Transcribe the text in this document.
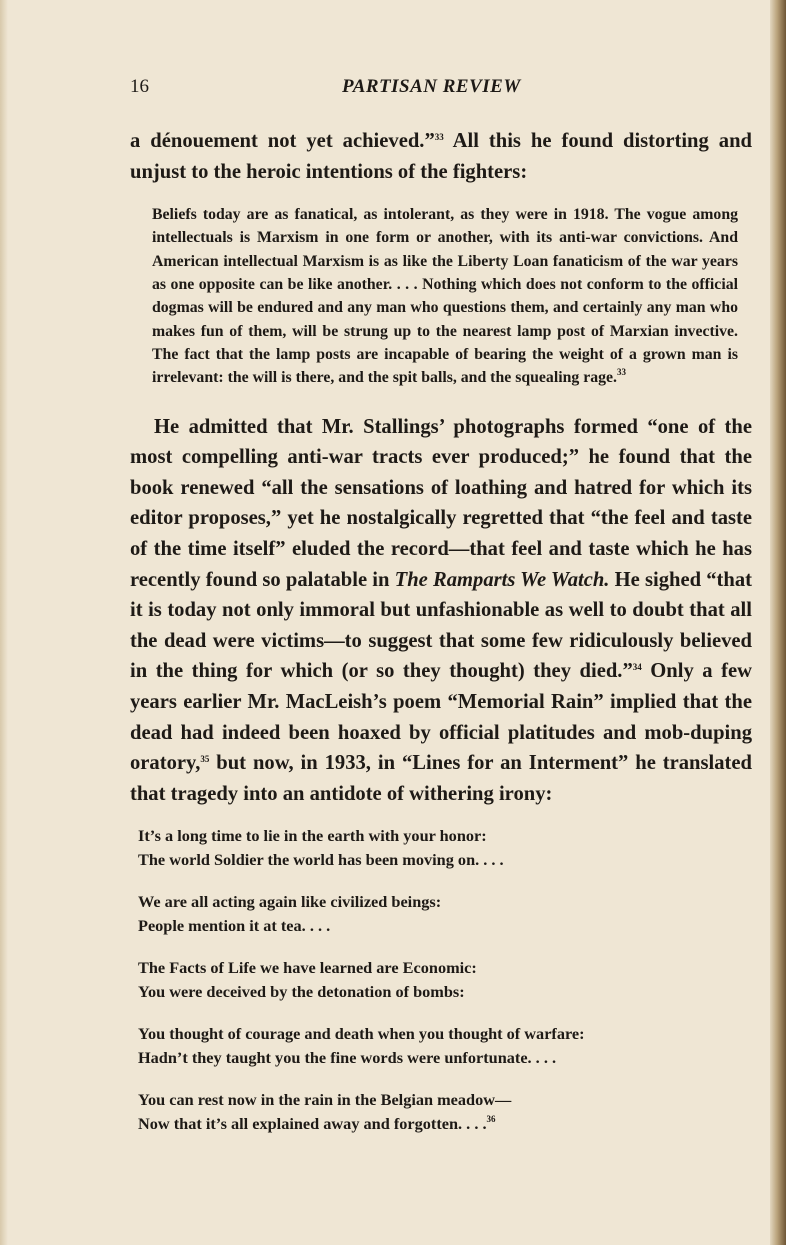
16	PARTISAN REVIEW

a dénouement not yet achieved.”$^{33}$ All this he found distorting and unjust to the heroic intentions of the fighters:

Beliefs today are as fanatical, as intolerant, as they were in 1918. The vogue among intellectuals is Marxism in one form or another, with its anti-war convictions. And American intellectual Marxism is as like the Liberty Loan fanaticism of the war years as one opposite can be like another. . . . Nothing which does not conform to the official dogmas will be endured and any man who questions them, and certainly any man who makes fun of them, will be strung up to the nearest lamp post of Marxian invective. The fact that the lamp posts are incapable of bearing the weight of a grown man is irrelevant: the will is there, and the spit balls, and the squealing rage.$^{33}$

He admitted that Mr. Stallings’ photographs formed “one of the most compelling anti-war tracts ever produced;” he found that the book renewed “all the sensations of loathing and hatred for which its editor proposes,” yet he nostalgically regretted that “the feel and taste of the time itself” eluded the record—that feel and taste which he has recently found so palatable in The Ramparts We Watch. He sighed “that it is today not only immoral but unfashionable as well to doubt that all the dead were victims—to suggest that some few ridiculously believed in the thing for which (or so they thought) they died.”$^{34}$ Only a few years earlier Mr. MacLeish’s poem “Memorial Rain” implied that the dead had indeed been hoaxed by official platitudes and mob-duping oratory,$^{35}$ but now, in 1933, in “Lines for an Interment” he translated that tragedy into an antidote of withering irony:

It’s a long time to lie in the earth with your honor:
The world Soldier the world has been moving on. . . .
We are all acting again like civilized beings:
People mention it at tea. . . .
The Facts of Life we have learned are Economic:
You were deceived by the detonation of bombs:
You thought of courage and death when you thought of warfare:
Hadn’t they taught you the fine words were unfortunate. . . .
You can rest now in the rain in the Belgian meadow—
Now that it’s all explained away and forgotten. . . .$^{36}$
